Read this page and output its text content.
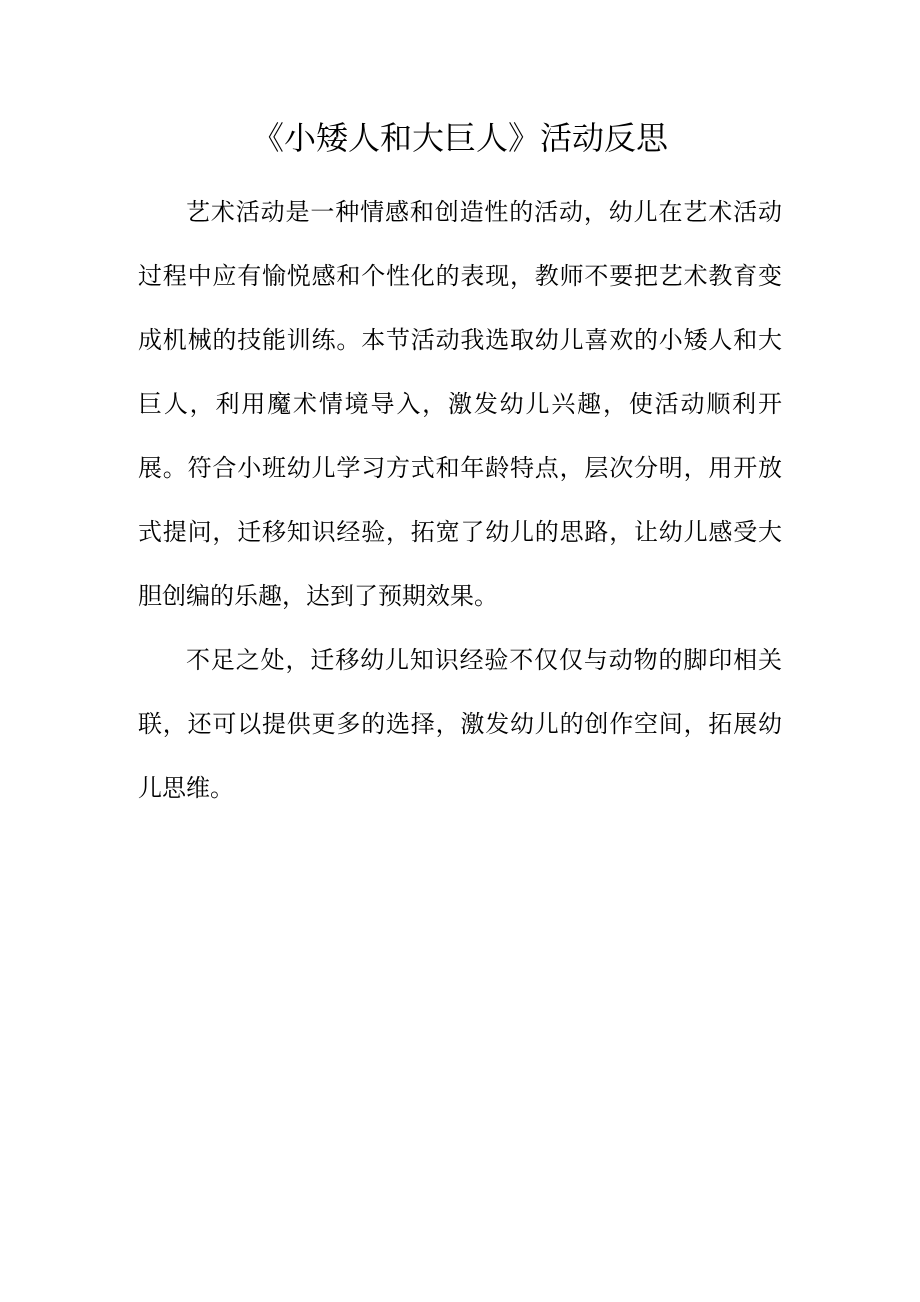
《小矮人和大巨人》活动反思

艺术活动是一种情感和创造性的活动，幼儿在艺术活动过程中应有愉悦感和个性化的表现，教师不要把艺术教育变成机械的技能训练。本节活动我选取幼儿喜欢的小矮人和大巨人，利用魔术情境导入，激发幼儿兴趣，使活动顺利开展。符合小班幼儿学习方式和年龄特点，层次分明，用开放式提问，迁移知识经验，拓宽了幼儿的思路，让幼儿感受大胆创编的乐趣，达到了预期效果。

不足之处，迁移幼儿知识经验不仅仅与动物的脚印相关联，还可以提供更多的选择，激发幼儿的创作空间，拓展幼儿思维。
